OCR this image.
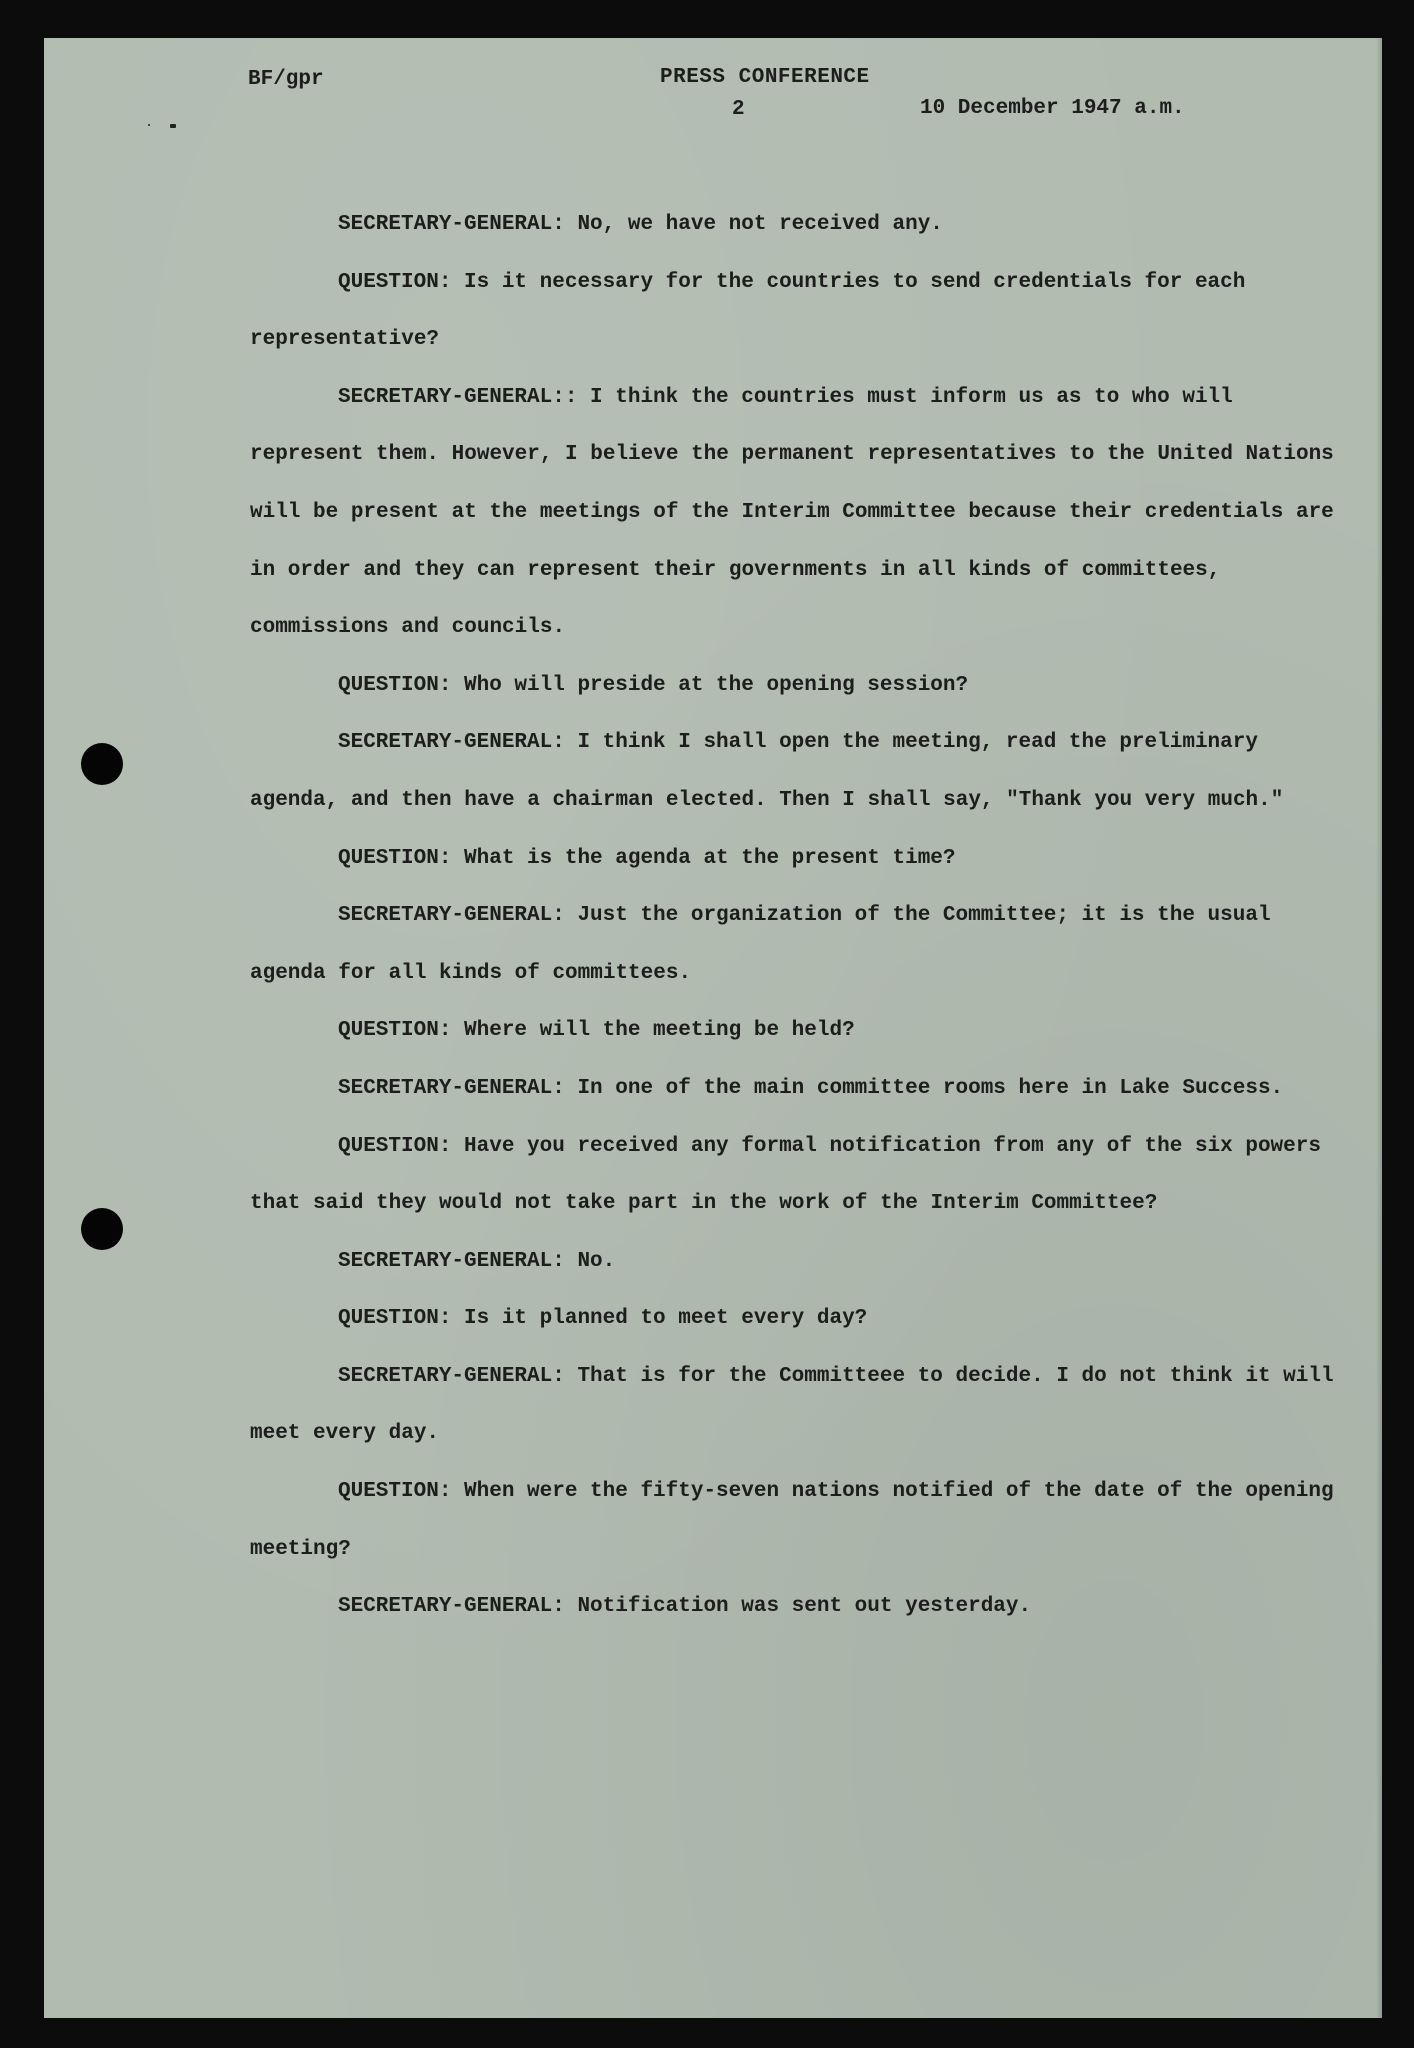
BF/gpr	PRESS CONFERENCE
2	10 December 1947 a.m.

SECRETARY-GENERAL: No, we have not received any.

QUESTION: Is it necessary for the countries to send credentials for each representative?

SECRETARY-GENERAL:: I think the countries must inform us as to who will represent them. However, I believe the permanent representatives to the United Nations will be present at the meetings of the Interim Committee because their credentials are in order and they can represent their governments in all kinds of committees, commissions and councils.

QUESTION: Who will preside at the opening session?

SECRETARY-GENERAL: I think I shall open the meeting, read the preliminary agenda, and then have a chairman elected. Then I shall say, "Thank you very much."

QUESTION: What is the agenda at the present time?

SECRETARY-GENERAL: Just the organization of the Committee; it is the usual agenda for all kinds of committees.

QUESTION: Where will the meeting be held?

SECRETARY-GENERAL: In one of the main committee rooms here in Lake Success.

QUESTION: Have you received any formal notification from any of the six powers that said they would not take part in the work of the Interim Committee?

SECRETARY-GENERAL: No.

QUESTION: Is it planned to meet every day?

SECRETARY-GENERAL: That is for the Committeee to decide. I do not think it will meet every day.

QUESTION: When were the fifty-seven nations notified of the date of the opening meeting?

SECRETARY-GENERAL: Notification was sent out yesterday.
